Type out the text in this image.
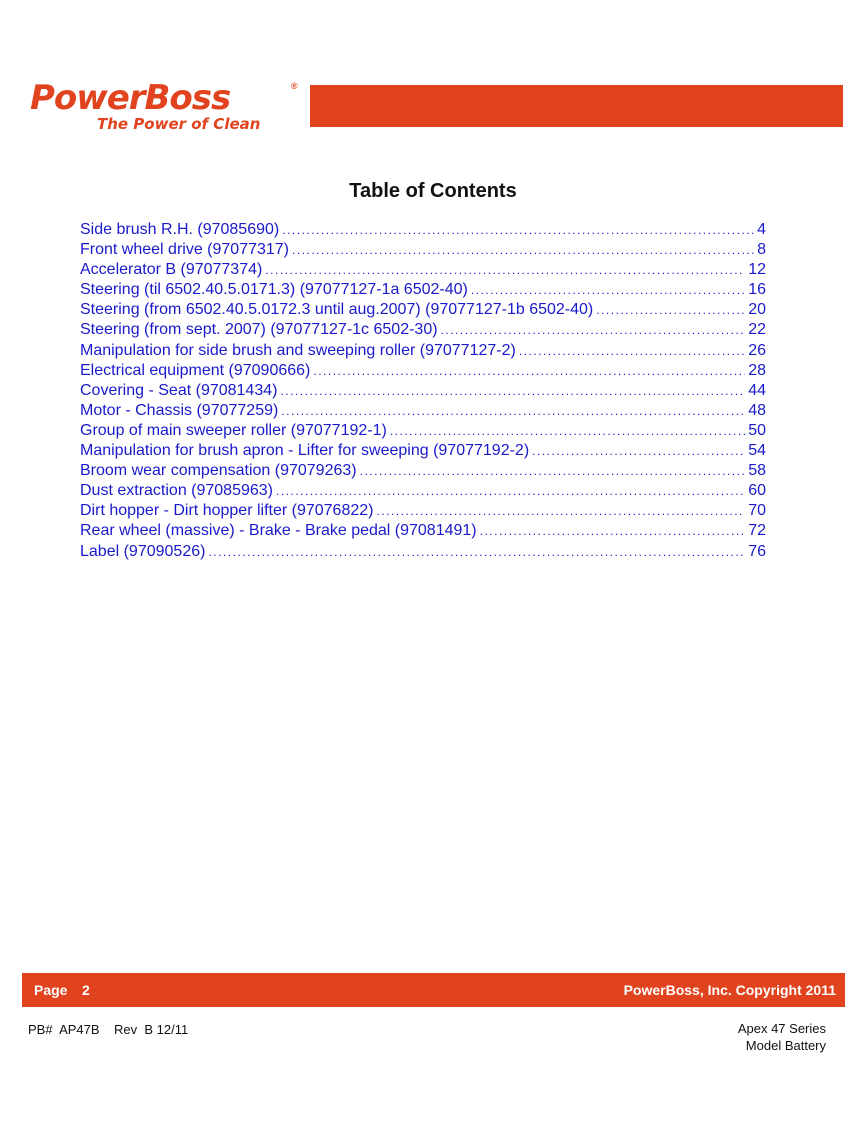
PowerBoss	®
The Power of Clean
Table of Contents
Side brush R.H. (97085690) .....	4
Front wheel drive (97077317) .....	8
Accelerator B (97077374) .....	12
Steering (til 6502.40.5.0171.3) (97077127-1a 6502-40) .....	16
Steering (from 6502.40.5.0172.3 until aug.2007) (97077127-1b 6502-40) .....	20
Steering (from sept. 2007) (97077127-1c 6502-30) .....	22
Manipulation for side brush and sweeping roller (97077127-2) .....	26
Electrical equipment (97090666) .....	28
Covering - Seat (97081434) .....	44
Motor - Chassis (97077259) .....	48
Group of main sweeper roller (97077192-1) .....	50
Manipulation for brush apron - Lifter for sweeping (97077192-2) .....	54
Broom wear compensation (97079263) .....	58
Dust extraction (97085963) .....	60
Dirt hopper - Dirt hopper lifter (97076822) .....	70
Rear wheel (massive) - Brake - Brake pedal (97081491) .....	72
Label (97090526) .....	76
Page 2	PowerBoss, Inc. Copyright 2011
PB#  AP47B    Rev  B 12/11	Apex 47 Series
Model Battery
